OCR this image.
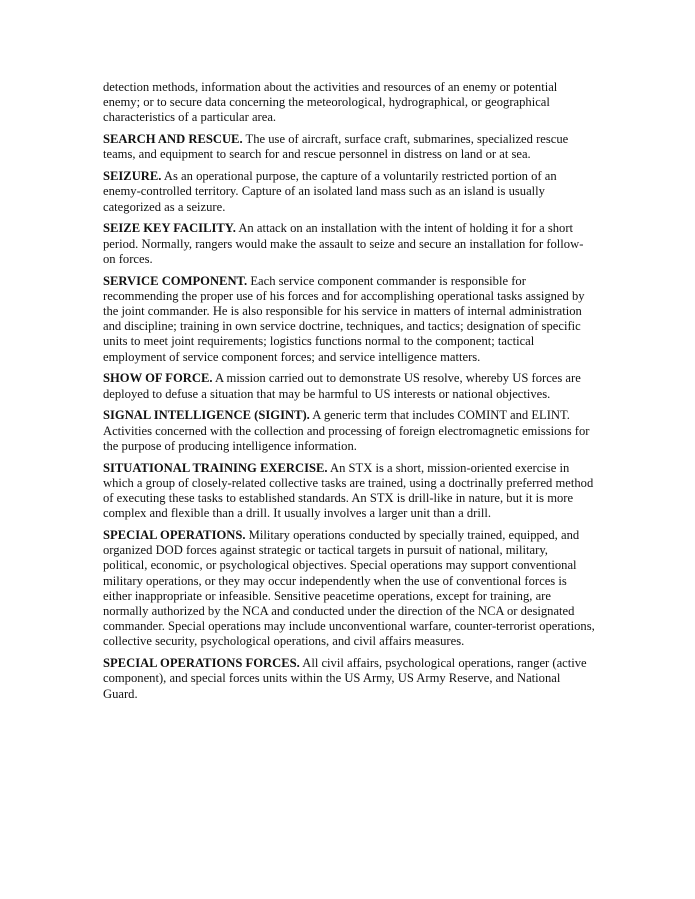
detection methods, information about the activities and resources of an enemy or potential enemy; or to secure data concerning the meteorological, hydrographical, or geographical characteristics of a particular area.

SEARCH AND RESCUE. The use of aircraft, surface craft, submarines, specialized rescue teams, and equipment to search for and rescue personnel in distress on land or at sea.

SEIZURE. As an operational purpose, the capture of a voluntarily restricted portion of an enemy-controlled territory. Capture of an isolated land mass such as an island is usually categorized as a seizure.

SEIZE KEY FACILITY. An attack on an installation with the intent of holding it for a short period. Normally, rangers would make the assault to seize and secure an installation for follow-on forces.

SERVICE COMPONENT. Each service component commander is responsible for recommending the proper use of his forces and for accomplishing operational tasks assigned by the joint commander. He is also responsible for his service in matters of internal administration and discipline; training in own service doctrine, techniques, and tactics; designation of specific units to meet joint requirements; logistics functions normal to the component; tactical employment of service component forces; and service intelligence matters.

SHOW OF FORCE. A mission carried out to demonstrate US resolve, whereby US forces are deployed to defuse a situation that may be harmful to US interests or national objectives.

SIGNAL INTELLIGENCE (SIGINT). A generic term that includes COMINT and ELINT. Activities concerned with the collection and processing of foreign electromagnetic emissions for the purpose of producing intelligence information.

SITUATIONAL TRAINING EXERCISE. An STX is a short, mission-oriented exercise in which a group of closely-related collective tasks are trained, using a doctrinally preferred method of executing these tasks to established standards. An STX is drill-like in nature, but it is more complex and flexible than a drill. It usually involves a larger unit than a drill.

SPECIAL OPERATIONS. Military operations conducted by specially trained, equipped, and organized DOD forces against strategic or tactical targets in pursuit of national, military, political, economic, or psychological objectives. Special operations may support conventional military operations, or they may occur independently when the use of conventional forces is either inappropriate or infeasible. Sensitive peacetime operations, except for training, are normally authorized by the NCA and conducted under the direction of the NCA or designated commander. Special operations may include unconventional warfare, counter-terrorist operations, collective security, psychological operations, and civil affairs measures.

SPECIAL OPERATIONS FORCES. All civil affairs, psychological operations, ranger (active component), and special forces units within the US Army, US Army Reserve, and National Guard.
